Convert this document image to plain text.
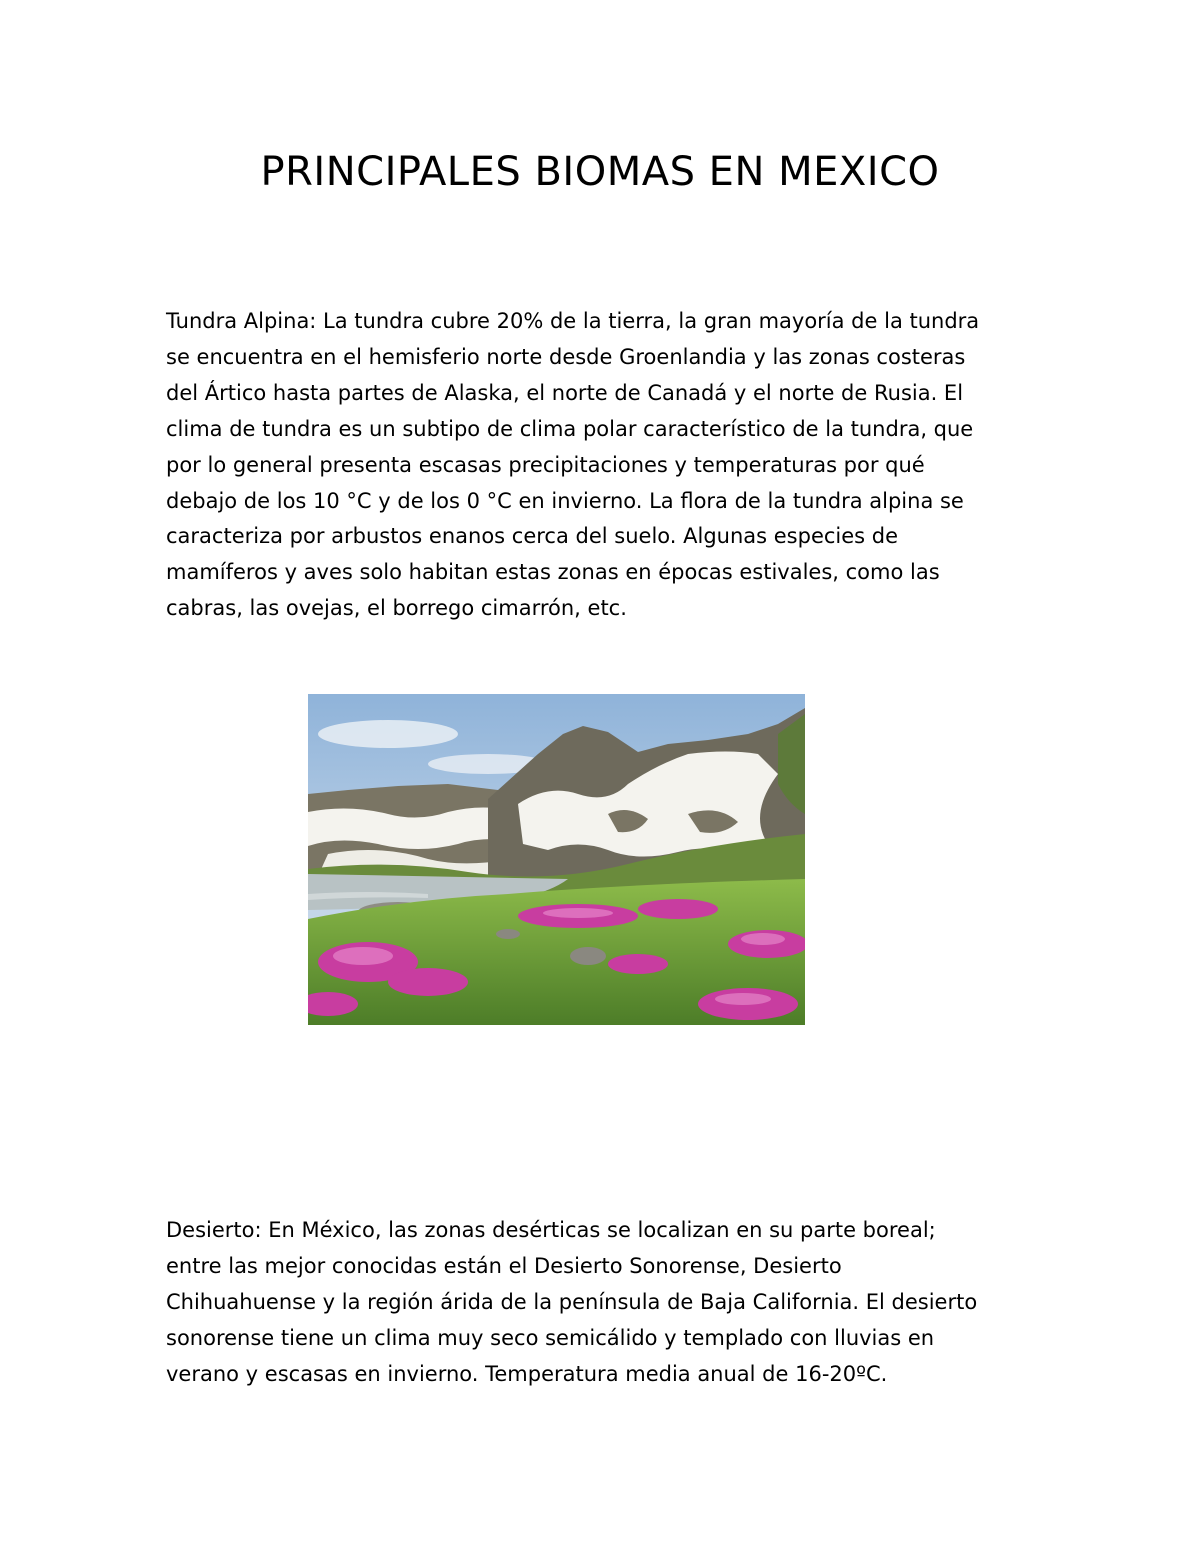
PRINCIPALES BIOMAS EN MEXICO

Tundra Alpina: La tundra cubre 20% de la tierra, la gran mayoría de la tundra
se encuentra en el hemisferio norte desde Groenlandia y las zonas costeras
del Ártico hasta partes de Alaska, el norte de Canadá y el norte de Rusia. El
clima de tundra es un subtipo de clima polar característico de la tundra, que
por lo general presenta escasas precipitaciones y temperaturas por qué
debajo de los 10 °C y de los 0 °C en invierno. La flora de la tundra alpina se
caracteriza por arbustos enanos cerca del suelo. Algunas especies de
mamíferos y aves solo habitan estas zonas en épocas estivales, como las
cabras, las ovejas, el borrego cimarrón, etc.

Desierto: En México, las zonas desérticas se localizan en su parte boreal;
entre las mejor conocidas están el Desierto Sonorense, Desierto
Chihuahuense y la región árida de la península de Baja California. El desierto
sonorense tiene un clima muy seco semicálido y templado con lluvias en
verano y escasas en invierno. Temperatura media anual de 16-20ºC.
